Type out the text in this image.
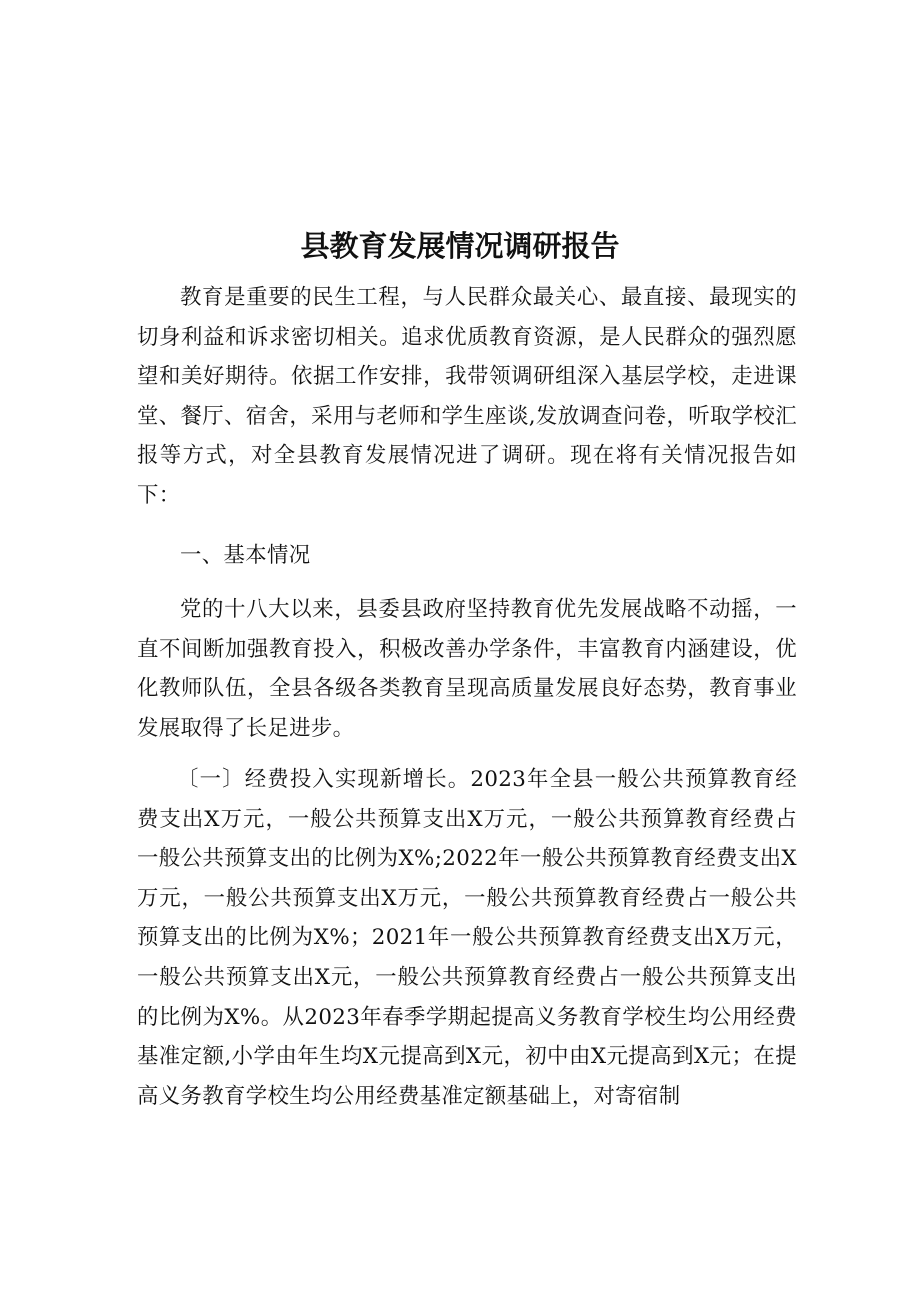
县教育发展情况调研报告

教育是重要的民生工程，与人民群众最关心、最直接、最现实的切身利益和诉求密切相关。追求优质教育资源，是人民群众的强烈愿望和美好期待。依据工作安排，我带领调研组深入基层学校，走进课堂、餐厅、宿舍，采用与老师和学生座谈,发放调查问卷，听取学校汇报等方式，对全县教育发展情况进了调研。现在将有关情况报告如下：

一、基本情况

党的十八大以来，县委县政府坚持教育优先发展战略不动摇，一直不间断加强教育投入，积极改善办学条件，丰富教育内涵建设，优化教师队伍，全县各级各类教育呈现高质量发展良好态势，教育事业发展取得了长足进步。

〔一〕经费投入实现新增长。2023年全县一般公共预算教育经费支出X万元，一般公共预算支出X万元，一般公共预算教育经费占一般公共预算支出的比例为X%;2022年一般公共预算教育经费支出X万元，一般公共预算支出X万元，一般公共预算教育经费占一般公共预算支出的比例为X%；2021年一般公共预算教育经费支出X万元，一般公共预算支出X元，一般公共预算教育经费占一般公共预算支出的比例为X%。从2023年春季学期起提高义务教育学校生均公用经费基准定额,小学由年生均X元提高到X元，初中由X元提高到X元；在提高义务教育学校生均公用经费基准定额基础上，对寄宿制
